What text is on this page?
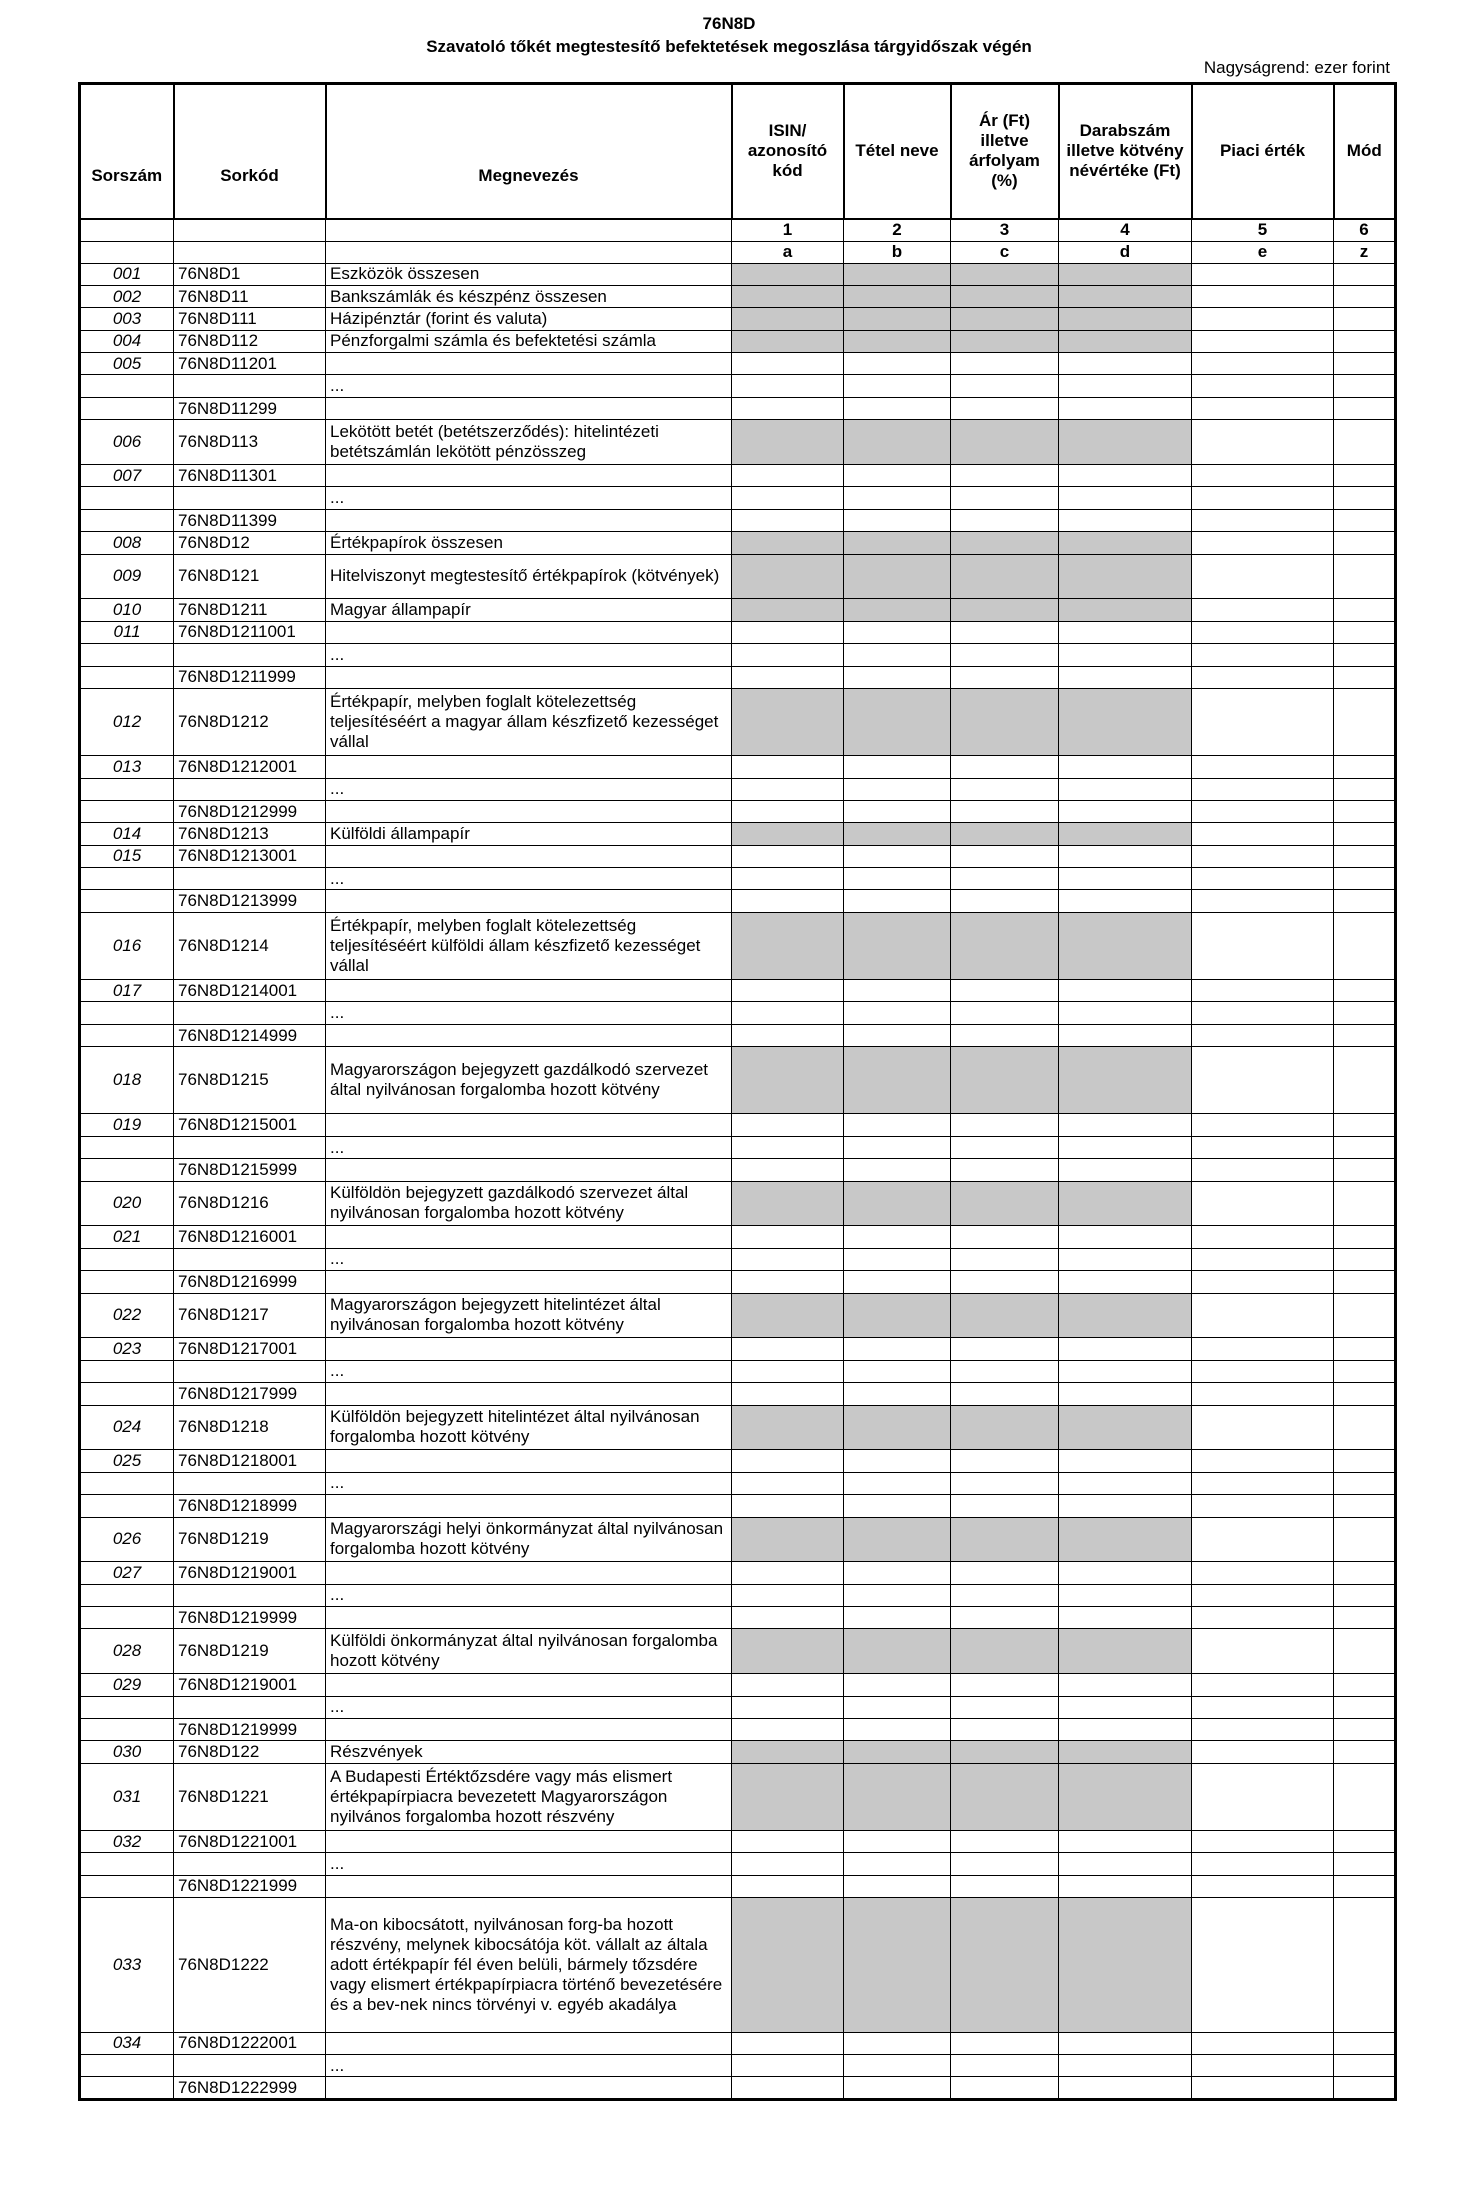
76N8D
Szavatoló tőkét megtestesítő befektetések megoszlása tárgyidőszak végén
Nagyságrend: ezer forint
Sorszám	Sorkód	Megnevezés	ISIN/ azonosító kód	Tétel neve	Ár (Ft) illetve árfolyam (%)	Darabszám illetve kötvény névértéke (Ft)	Piaci érték	Mód
			1	2	3	4	5	6
			a	b	c	d	e	z
001	76N8D1	Eszközök összesen						
002	76N8D11	Bankszámlák és készpénz összesen						
003	76N8D111	Házipénztár (forint és valuta)						
004	76N8D112	Pénzforgalmi számla és befektetési számla						
005	76N8D11201							
		...						
	76N8D11299							
006	76N8D113	Lekötött betét (betétszerződés): hitelintézeti betétszámlán lekötött pénzösszeg						
007	76N8D11301							
		...						
	76N8D11399							
008	76N8D12	Értékpapírok összesen						
009	76N8D121	Hitelviszonyt megtestesítő értékpapírok (kötvények)						
010	76N8D1211	Magyar állampapír						
011	76N8D1211001							
		...						
	76N8D1211999							
012	76N8D1212	Értékpapír, melyben foglalt kötelezettség teljesítéséért a magyar állam készfizető kezességet vállal						
013	76N8D1212001							
		...						
	76N8D1212999							
014	76N8D1213	Külföldi állampapír						
015	76N8D1213001							
		...						
	76N8D1213999							
016	76N8D1214	Értékpapír, melyben foglalt kötelezettség teljesítéséért külföldi állam készfizető kezességet vállal						
017	76N8D1214001							
		...						
	76N8D1214999							
018	76N8D1215	Magyarországon bejegyzett gazdálkodó szervezet által nyilvánosan forgalomba hozott kötvény						
019	76N8D1215001							
		...						
	76N8D1215999							
020	76N8D1216	Külföldön bejegyzett gazdálkodó szervezet által nyilvánosan forgalomba hozott kötvény						
021	76N8D1216001							
		...						
	76N8D1216999							
022	76N8D1217	Magyarországon bejegyzett hitelintézet által nyilvánosan forgalomba hozott kötvény						
023	76N8D1217001							
		...						
	76N8D1217999							
024	76N8D1218	Külföldön bejegyzett hitelintézet által nyilvánosan forgalomba hozott kötvény						
025	76N8D1218001							
		...						
	76N8D1218999							
026	76N8D1219	Magyarországi helyi önkormányzat által nyilvánosan forgalomba hozott kötvény						
027	76N8D1219001							
		...						
	76N8D1219999							
028	76N8D1219	Külföldi önkormányzat által nyilvánosan forgalomba hozott kötvény						
029	76N8D1219001							
		...						
	76N8D1219999							
030	76N8D122	Részvények						
031	76N8D1221	A Budapesti Értéktőzsdére vagy más elismert értékpapírpiacra bevezetett Magyarországon nyilvános forgalomba hozott részvény						
032	76N8D1221001							
		...						
	76N8D1221999							
033	76N8D1222	Ma-on kibocsátott, nyilvánosan forg-ba hozott részvény, melynek kibocsátója köt. vállalt az általa adott értékpapír fél éven belüli, bármely tőzsdére vagy elismert értékpapírpiacra történő bevezetésére és a bev-nek nincs törvényi v. egyéb akadálya						
034	76N8D1222001							
		...						
	76N8D1222999							
